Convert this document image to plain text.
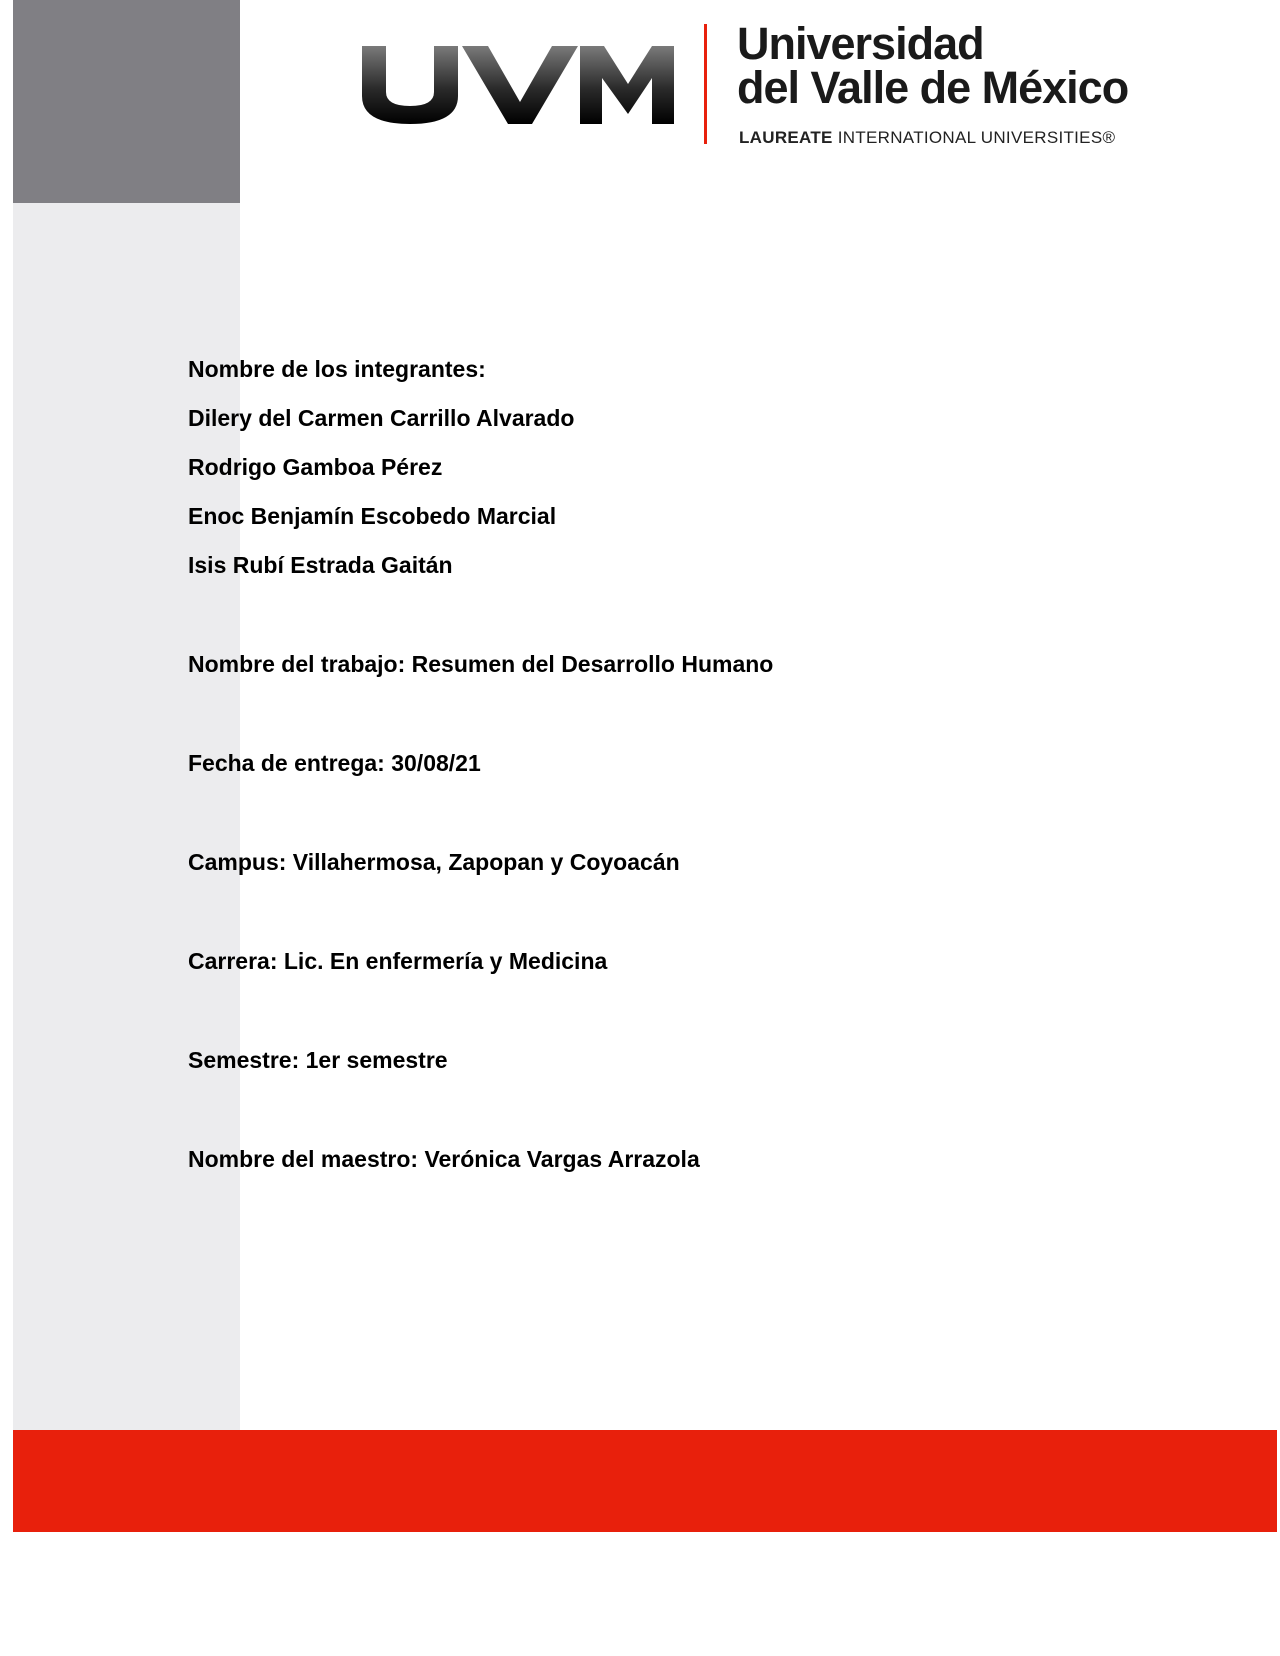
Universidad
del Valle de México
LAUREATE INTERNATIONAL UNIVERSITIES®
Nombre de los integrantes:
Dilery del Carmen Carrillo Alvarado
Rodrigo Gamboa Pérez
Enoc Benjamín Escobedo Marcial
Isis Rubí Estrada Gaitán
Nombre del trabajo: Resumen del Desarrollo Humano
Fecha de entrega: 30/08/21
Campus: Villahermosa, Zapopan y Coyoacán
Carrera: Lic. En enfermería y Medicina
Semestre: 1er semestre
Nombre del maestro: Verónica Vargas Arrazola
